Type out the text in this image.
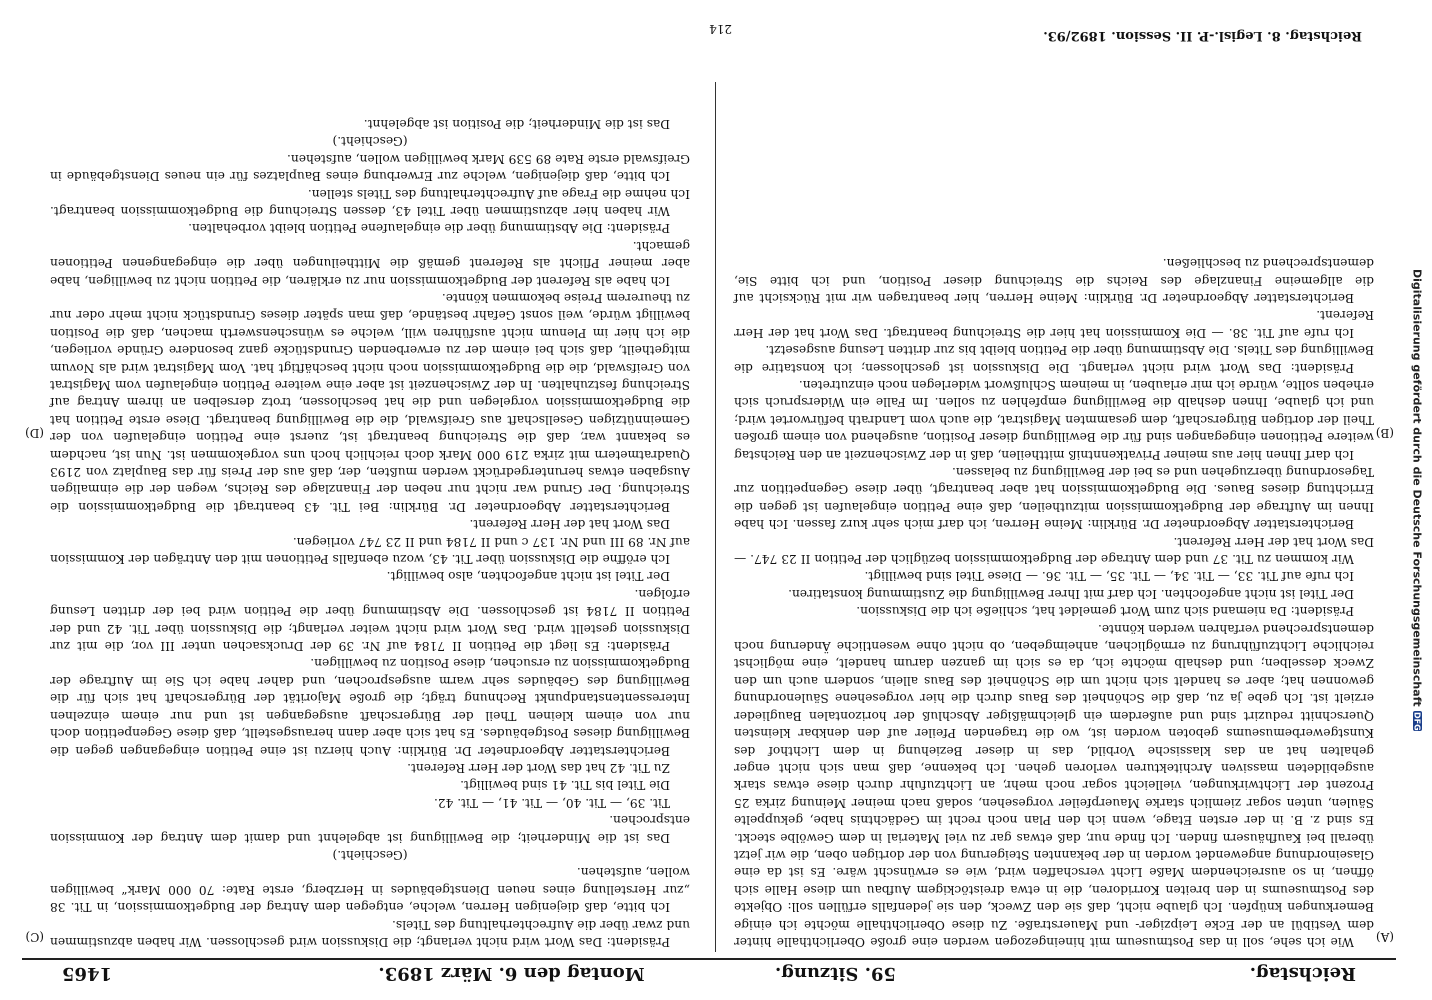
Digitalisierung gefördert durch die Deutsche Forschungsgemeinschaft
DFG
Reichstag.
59. Sitzung.
Montag den 6. März 1893. 1465
(A)
(B)
(C)
(D)

Wie ich sehe, soll in das Postmuseum mit hineingezogen werden eine große Oberlichthalle hinter dem Vestibül an der Ecke Leipziger- und Mauerstraße. Zu diese Oberlichthalle möchte ich einige Bemerkungen knüpfen. Ich glaube nicht, daß sie den Zweck, den sie jedenfalls erfüllen soll: Objekte des Postmuseums in den breiten Korridoren, die in etwa dreistöckigem Aufbau um diese Halle sich öffnen, in so ausreichendem Maße Licht verschaffen wird, wie es erwünscht wäre. Es ist da eine Glaseinordnung angewendet worden in der bekannten Steigerung von der dortigen oben, die wir jetzt überall bei Kaufhäusern finden. Ich finde nur, daß etwas gar zu viel Material in dem Gewölbe steckt. Es sind z. B. in der ersten Etage, wenn ich den Plan noch recht im Gedächtnis habe, gekuppelte Säulen, unten sogar ziemlich starke Mauerpfeiler vorgesehen, sodaß nach meiner Meinung zirka 25 Prozent der Lichtwirkungen, vielleicht sogar noch mehr, an Lichtzufuhr durch diese etwas stark ausgebildeten massiven Architekturen verloren gehen. Ich bekenne, daß man sich nicht enger gehalten hat an das klassische Vorbild, das in dieser Beziehung in dem Lichthof des Kunstgewerbemuseums geboten worden ist, wo die tragenden Pfeiler auf den denkbar kleinsten Querschnitt reduzirt sind und außerdem ein gleichmäßiger Abschluß der horizontalen Bauglieder erzielt ist. Ich gebe ja zu, daß die Schönheit des Baus durch die hier vorgesehene Säulenordnung gewonnen hat; aber es handelt sich nicht um die Schönheit des Baus allein, sondern auch um den Zweck desselben; und deshalb möchte ich, da es sich im ganzen darum handelt, eine möglichst reichliche Lichtzuführung zu ermöglichen, anheimgeben, ob nicht ohne wesentliche Änderung noch dementsprechend verfahren werden könnte.

Präsident: Da niemand sich zum Wort gemeldet hat, schließe ich die Diskussion.

Der Titel ist nicht angefochten. Ich darf mit Ihrer Bewilligung die Zustimmung konstatiren.

Ich rufe auf Tit. 33, — Tit. 34, — Tit. 35, — Tit. 36. — Diese Titel sind bewilligt.

Wir kommen zu Tit. 37 und dem Antrage der Budgetkommission bezüglich der Petition II 23 747. — Das Wort hat der Herr Referent.

Berichterstatter Abgeordneter Dr. Bürklin: Meine Herren, ich darf mich sehr kurz fassen. Ich habe Ihnen im Auftrage der Budgetkommission mitzutheilen, daß eine Petition eingelaufen ist gegen die Errichtung dieses Baues. Die Budgetkommission hat aber beantragt, über diese Gegenpetition zur Tagesordnung überzugehen und es bei der Bewilligung zu belassen.

Ich darf Ihnen hier aus meiner Privatkenntniß mittheilen, daß in der Zwischenzeit an den Reichstag weitere Petitionen eingegangen sind für die Bewilligung dieser Position, ausgehend von einem großen Theil der dortigen Bürgerschaft, dem gesammten Magistrat, die auch vom Landrath befürwortet wird; und ich glaube, Ihnen deshalb die Bewilligung empfehlen zu sollen. Im Falle ein Widerspruch sich erheben sollte, würde ich mir erlauben, in meinem Schlußwort widerlegen noch einzutreten.

Präsident: Das Wort wird nicht verlangt. Die Diskussion ist geschlossen; ich konstatire die Bewilligung des Titels. Die Abstimmung über die Petition bleibt bis zur dritten Lesung ausgesetzt.

Ich rufe auf Tit. 38. — Die Kommission hat hier die Streichung beantragt. Das Wort hat der Herr Referent.

Berichterstatter Abgeordneter Dr. Bürklin: Meine Herren, hier beantragen wir mit Rücksicht auf die allgemeine Finanzlage des Reichs die Streichung dieser Position, und ich bitte Sie, dementsprechend zu beschließen.

Präsident: Das Wort wird nicht verlangt; die Diskussion wird geschlossen. Wir haben abzustimmen und zwar über die Aufrechterhaltung des Titels.

Ich bitte, daß diejenigen Herren, welche, entgegen dem Antrag der Budgetkommission, in Tit. 38 „zur Herstellung eines neuen Dienstgebäudes in Herzberg, erste Rate: 70 000 Mark“ bewilligen wollen, aufstehen.

(Geschieht.)

Das ist die Minderheit; die Bewilligung ist abgelehnt und damit dem Antrag der Kommission entsprochen.

Tit. 39, — Tit. 40, — Tit. 41, — Tit. 42.

Die Titel bis Tit. 41 sind bewilligt.

Zu Tit. 42 hat das Wort der Herr Referent.

Berichterstatter Abgeordneter Dr. Bürklin: Auch hierzu ist eine Petition eingegangen gegen die Bewilligung dieses Postgebäudes. Es hat sich aber dann herausgestellt, daß diese Gegenpetition doch nur von einem kleinen Theil der Bürgerschaft ausgegangen ist und nur einem einzelnen Interessentenstandpunkt Rechnung trägt; die große Majorität der Bürgerschaft hat sich für die Bewilligung des Gebäudes sehr warm ausgesprochen, und daher habe ich Sie im Auftrage der Budgetkommission zu ersuchen, diese Position zu bewilligen.

Präsident: Es liegt die Petition II 7184 auf Nr. 39 der Drucksachen unter III vor, die mit zur Diskussion gestellt wird. Das Wort wird nicht weiter verlangt; die Diskussion über Tit. 42 und der Petition II 7184 ist geschlossen. Die Abstimmung über die Petition wird bei der dritten Lesung erfolgen.

Der Titel ist nicht angefochten, also bewilligt.

Ich eröffne die Diskussion über Tit. 43, wozu ebenfalls Petitionen mit den Anträgen der Kommission auf Nr. 89 III und Nr. 137 c und II 7184 und II 23 747 vorliegen.

Das Wort hat der Herr Referent.

Berichterstatter Abgeordneter Dr. Bürklin: Bei Tit. 43 beantragt die Budgetkommission die Streichung. Der Grund war nicht nur neben der Finanzlage des Reichs, wegen der die einmaligen Ausgaben etwas heruntergedrückt werden mußten, der, daß aus der Preis für das Bauplatz von 2193 Quadratmetern mit zirka 219 000 Mark doch reichlich hoch uns vorgekommen ist. Nun ist, nachdem es bekannt war, daß die Streichung beantragt ist, zuerst eine Petition eingelaufen von der Gemeinnützigen Gesellschaft aus Greifswald, die die Bewilligung beantragt. Diese erste Petition hat die Budgetkommission vorgelegen und die hat beschlossen, trotz derselben an ihrem Antrag auf Streichung festzuhalten. In der Zwischenzeit ist aber eine weitere Petition eingelaufen vom Magistrat von Greifswald, die die Budgetkommission noch nicht beschäftigt hat. Vom Magistrat wird als Novum mitgetheilt, daß sich bei einem der zu erwerbenden Grundstücke ganz besondere Gründe vorliegen, die ich hier im Plenum nicht ausführen will, welche es wünschenswerth machen, daß die Position bewilligt würde, weil sonst Gefahr bestände, daß man später dieses Grundstück nicht mehr oder nur zu theurerem Preise bekommen könnte.

Ich habe als Referent der Budgetkommission nur zu erklären, die Petition nicht zu bewilligen, habe aber meiner Pflicht als Referent gemäß die Mittheilungen über die eingegangenen Petitionen gemacht.

Präsident: Die Abstimmung über die eingelaufene Petition bleibt vorbehalten.

Wir haben hier abzustimmen über Titel 43, dessen Streichung die Budgetkommission beantragt. Ich nehme die Frage auf Aufrechterhaltung des Titels stellen.

Ich bitte, daß diejenigen, welche zur Erwerbung eines Bauplatzes für ein neues Dienstgebäude in Greifswald erste Rate 89 539 Mark bewilligen wollen, aufstehen.

(Geschieht.)

Das ist die Minderheit; die Position ist abgelehnt.

Reichstag. 8. Legisl.-P. II. Session. 1892/93.
214
